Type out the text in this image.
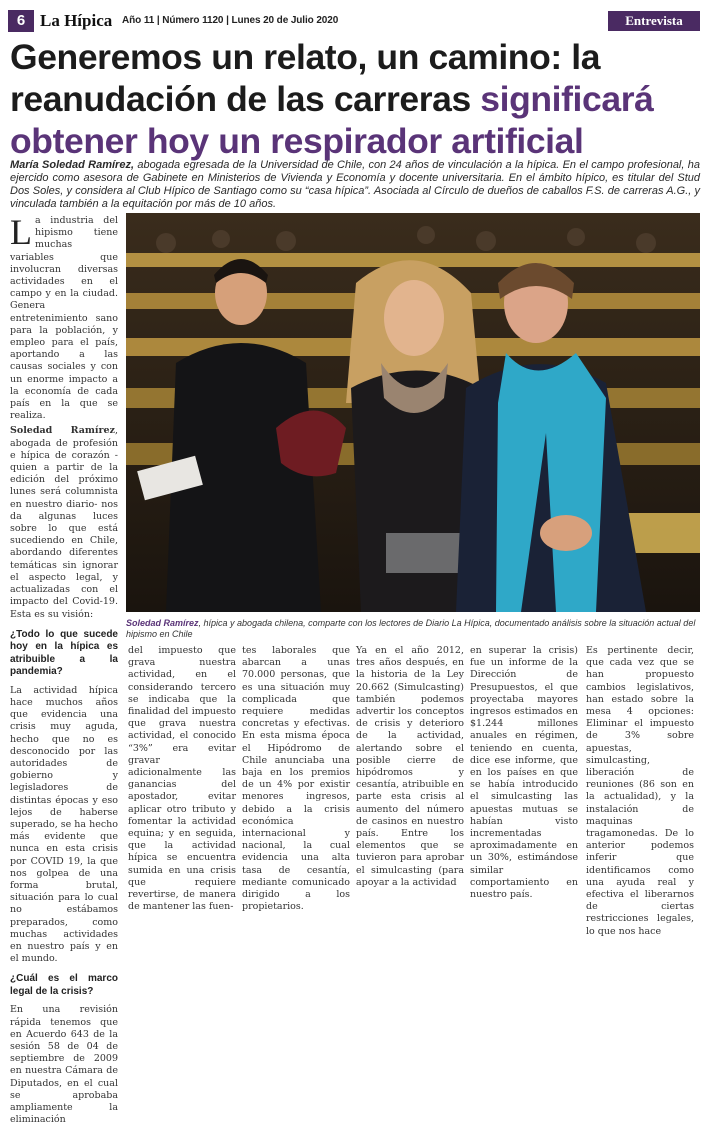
6 La Hípica Año 11 | Número 1120 | Lunes 20 de Julio 2020	Entrevista
Generemos un relato, un camino: la reanudación de las carreras significará obtener hoy un respirador artificial

María Soledad Ramírez, abogada egresada de la Universidad de Chile, con 24 años de vinculación a la hípica. En el campo profesional, ha ejercido como asesora de Gabinete en Ministerios de Vivienda y Economía y docente universitaria. En el ámbito hípico, es titular del Stud Dos Soles, y considera al Club Hípico de Santiago como su “casa hípica”. Asociada al Círculo de dueños de caballos F.S. de carreras A.G., y vinculada también a la equitación por más de 10 años.

La industria del hipismo tiene muchas variables que involucran diversas actividades en el campo y en la ciudad. Genera entretenimiento sano para la población, y empleo para el país, aportando a las causas sociales y con un enorme impacto a la economía de cada país en la que se realiza.

Soledad Ramírez, abogada de profesión e hípica de corazón -quien a partir de la edición del próximo lunes será columnista en nuestro diario- nos da algunas luces sobre lo que está sucediendo en Chile, abordando diferentes temáticas sin ignorar el aspecto legal, y actualizadas con el impacto del Covid-19. Esta es su visión:

¿Todo lo que sucede hoy en la hípica es atribuible a la pandemia?

La actividad hípica hace muchos años que evidencia una crisis muy aguda, hecho que no es desconocido por las autoridades de gobierno y legisladores de distintas épocas y eso lejos de haberse superado, se ha hecho más evidente que nunca en esta crisis por COVID 19, la que nos golpea de una forma brutal, situación para lo cual no estábamos preparados, como muchas actividades en nuestro país y en el mundo.

¿Cuál es el marco legal de la crisis?

En una revisión rápida tenemos que en Acuerdo 643 de la sesión 58 de 04 de septiembre de 2009 en nuestra Cámara de Diputados, en el cual se aprobaba ampliamente la eliminación

Soledad Ramírez, hípica y abogada chilena, comparte con los lectores de Diario La Hípica, documentado análisis sobre la situación actual del hipismo en Chile

del impuesto que grava nuestra actividad, en el considerando tercero se indicaba que la finalidad del impuesto que grava nuestra actividad, el conocido “3%” era evitar gravar adicionalmente las ganancias del apostador, evitar aplicar otro tributo y fomentar la actividad equina; y en seguida, que la actividad hípica se encuentra sumida en una crisis que requiere revertirse, de manera de mantener las fuen-

tes laborales que abarcan a unas 70.000 personas, que es una situación muy complicada que requiere medidas concretas y efectivas. En esta misma época el Hipódromo de Chile anunciaba una baja en los premios de un 4% por existir menores ingresos, debido a la crisis económica internacional y nacional, la cual evidencia una alta tasa de cesantía, mediante comunicado dirigido a los propietarios.

Ya en el año 2012, tres años después, en la historia de la Ley 20.662 (Simulcasting) también podemos advertir los conceptos de crisis y deterioro de la actividad, alertando sobre el posible cierre de hipódromos y cesantía, atribuible en parte esta crisis al aumento del número de casinos en nuestro país. Entre los elementos que se tuvieron para aprobar el simulcasting (para apoyar a la actividad

en superar la crisis) fue un informe de la Dirección de Presupuestos, el que proyectaba mayores ingresos estimados en $1.244 millones anuales en régimen, teniendo en cuenta, dice ese informe, que en los países en que se había introducido el simulcasting las apuestas mutuas se habían visto incrementadas aproximadamente en un 30%, estimándose similar comportamiento en nuestro país.

Es pertinente decir, que cada vez que se han propuesto cambios legislativos, han estado sobre la mesa 4 opciones: Eliminar el impuesto de 3% sobre apuestas, simulcasting, liberación de reuniones (86 son en la actualidad), y la instalación de maquinas tragamonedas. De lo anterior podemos inferir que identificamos como una ayuda real y efectiva el liberarnos de ciertas restricciones legales, lo que nos hace
